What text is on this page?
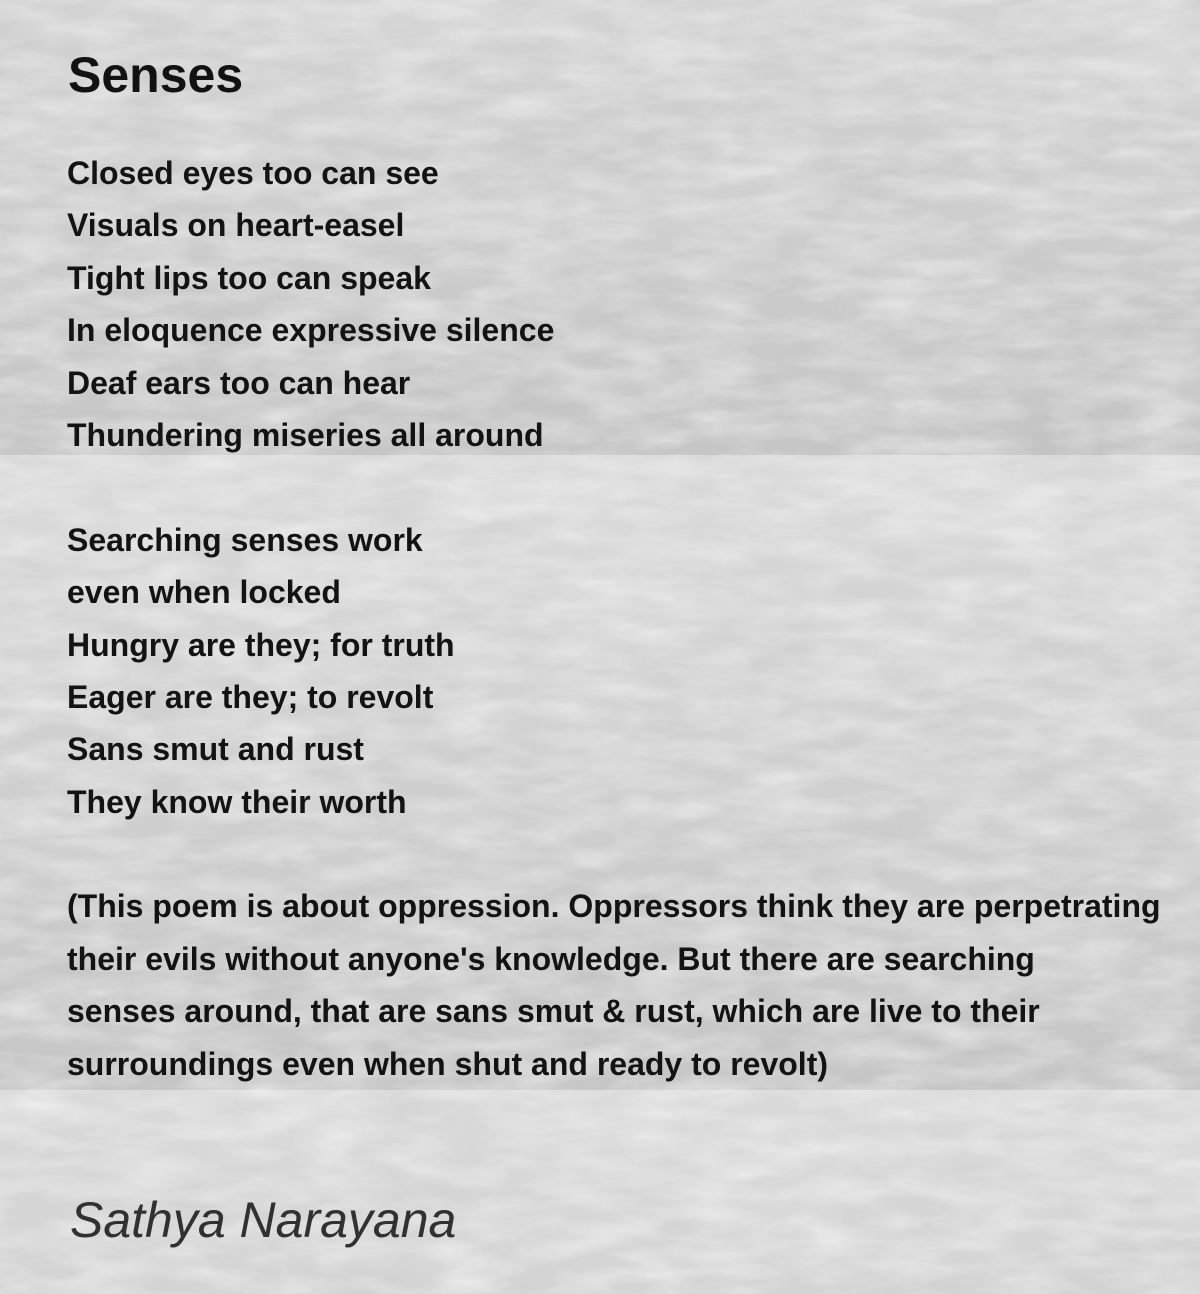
Senses
Closed eyes too can see
Visuals on heart-easel
Tight lips too can speak
In eloquence expressive silence
Deaf ears too can hear
Thundering miseries all around
Searching senses work
even when locked
Hungry are they; for truth
Eager are they; to revolt
Sans smut and rust
They know their worth
(This poem is about oppression. Oppressors think they are perpetrating
their evils without anyone's knowledge. But there are searching
senses around, that are sans smut & rust, which are live to their
surroundings even when shut and ready to revolt)
Sathya Narayana
